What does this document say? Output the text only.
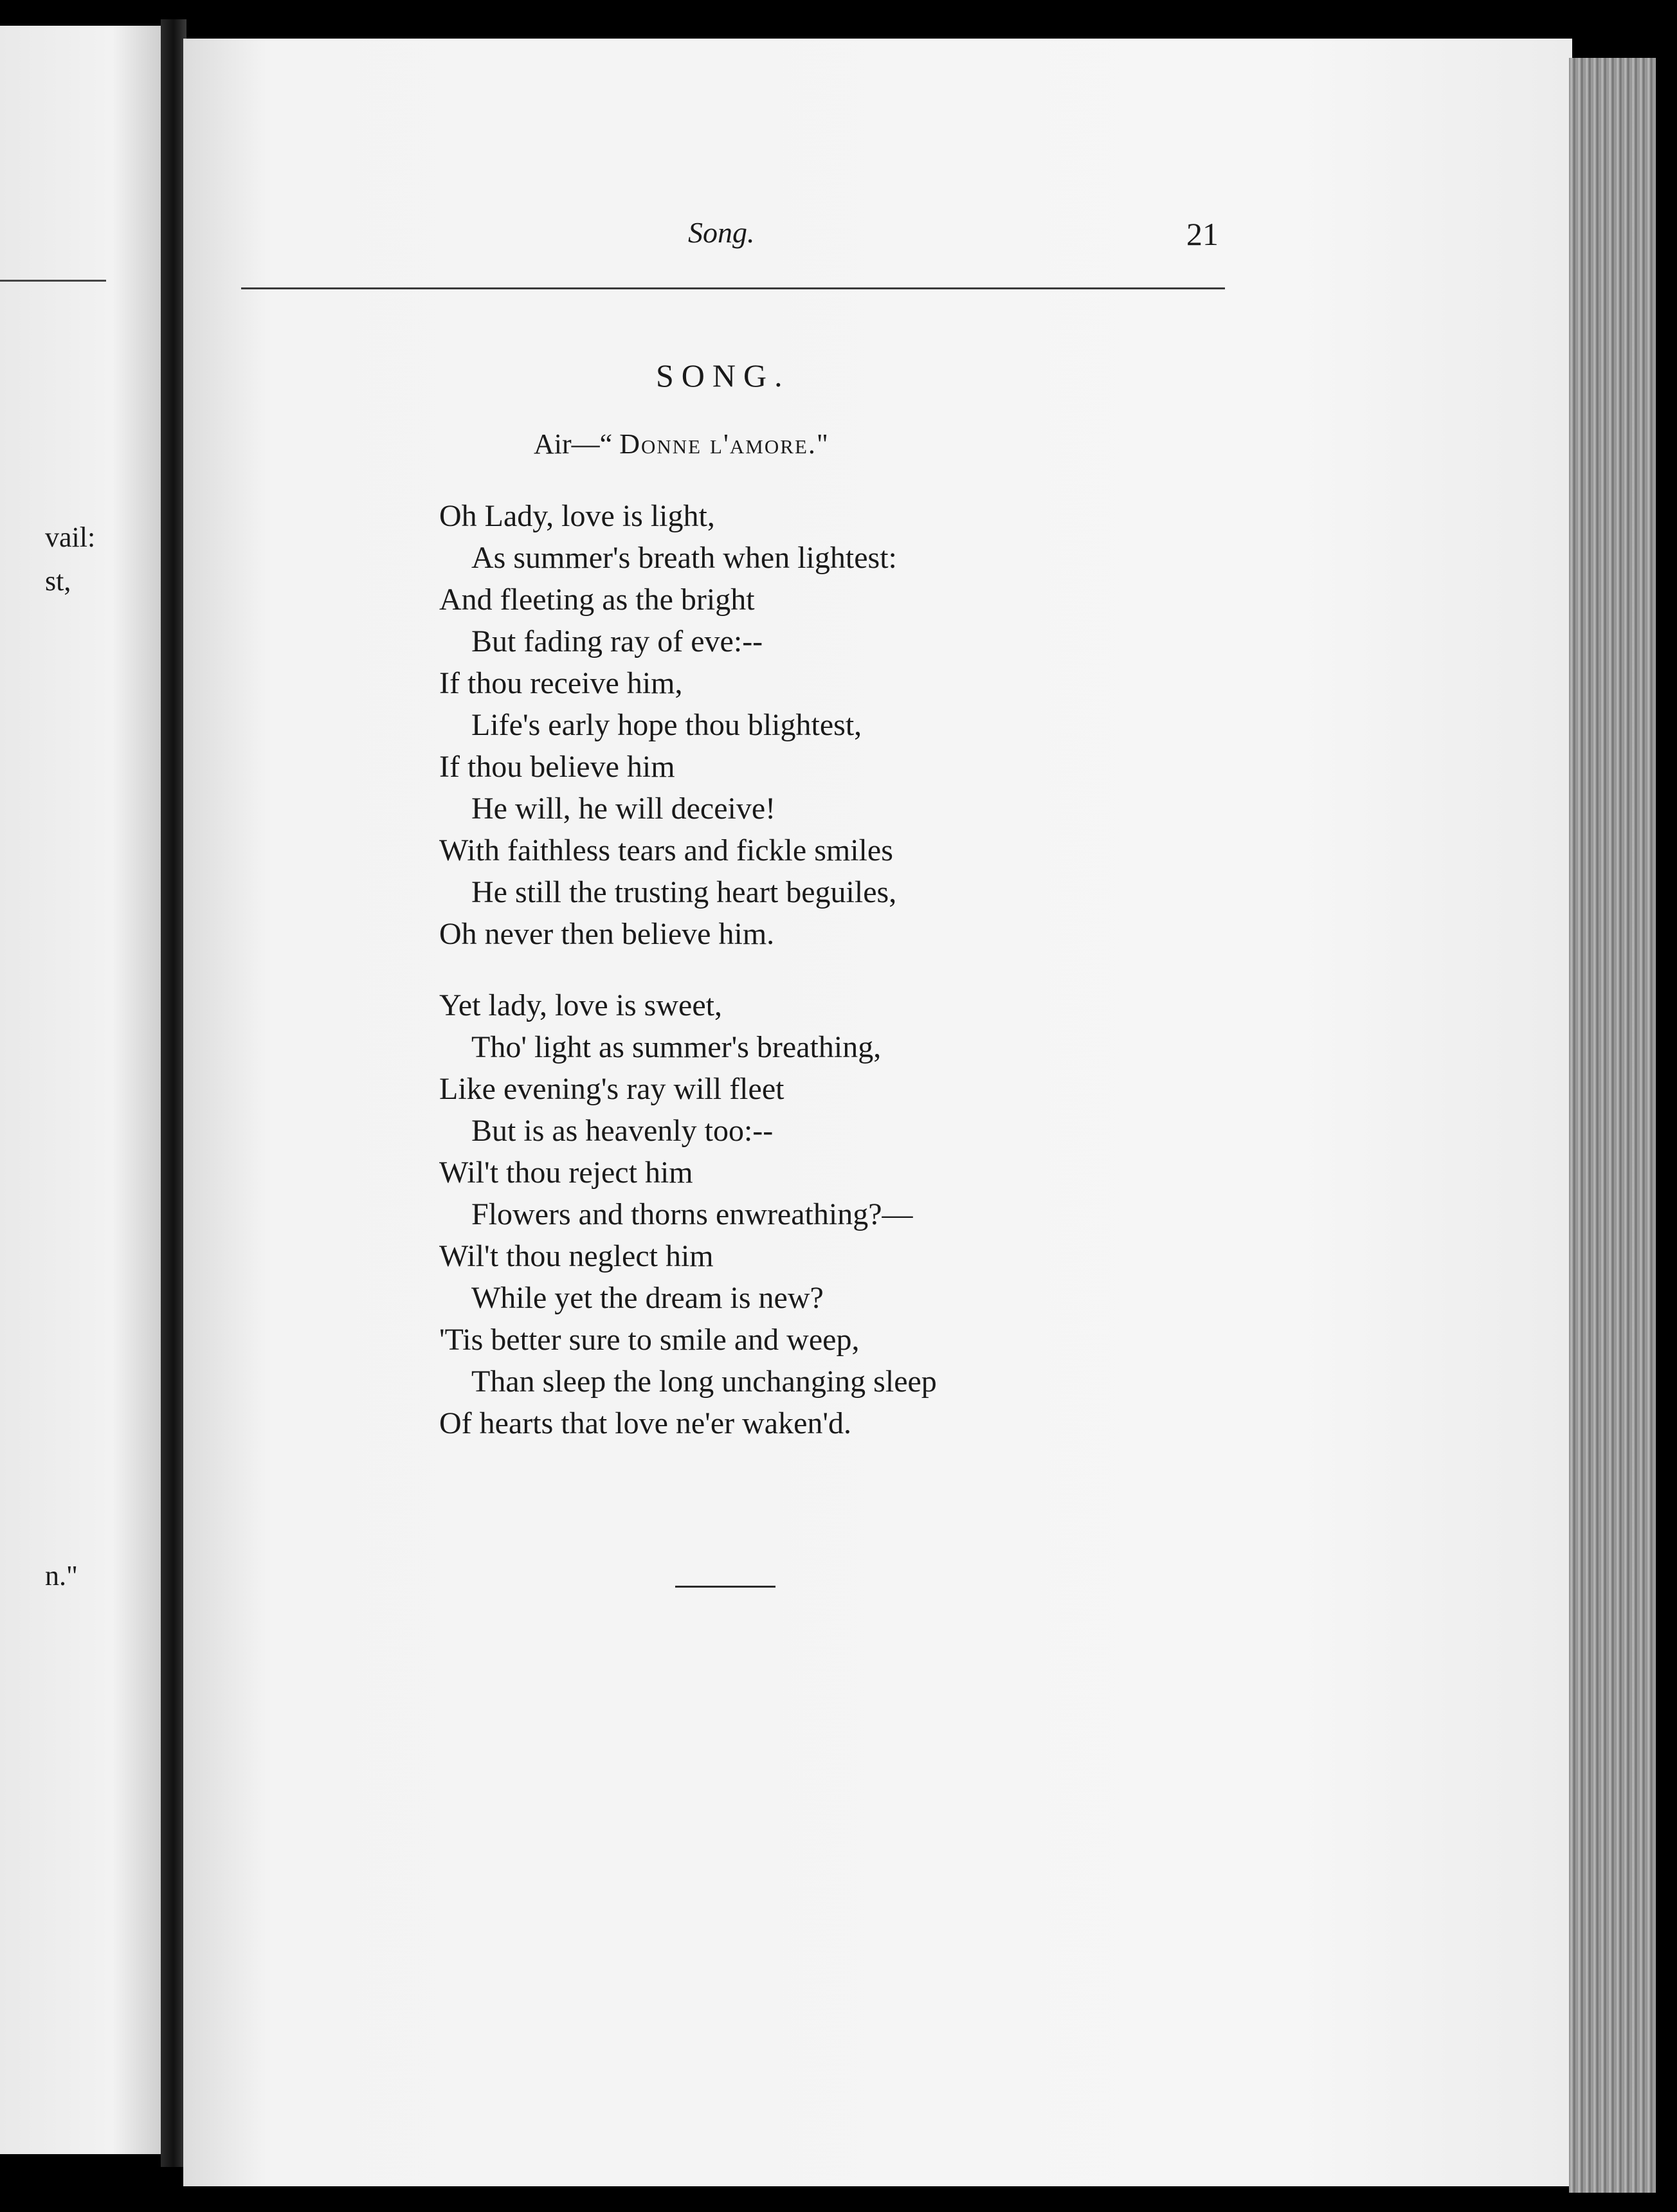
vail:
st,
n."
Song.	21
SONG.
Air—“ Donne l'amore."
Oh Lady, love is light,
As summer's breath when lightest:
And fleeting as the bright
But fading ray of eve:--
If thou receive him,
Life's early hope thou blightest,
If thou believe him
He will, he will deceive!
With faithless tears and fickle smiles
He still the trusting heart beguiles,
Oh never then believe him.
Yet lady, love is sweet,
Tho' light as summer's breathing,
Like evening's ray will fleet
But is as heavenly too:--
Wil't thou reject him
Flowers and thorns enwreathing?—
Wil't thou neglect him
While yet the dream is new?
'Tis better sure to smile and weep,
Than sleep the long unchanging sleep
Of hearts that love ne'er waken'd.
